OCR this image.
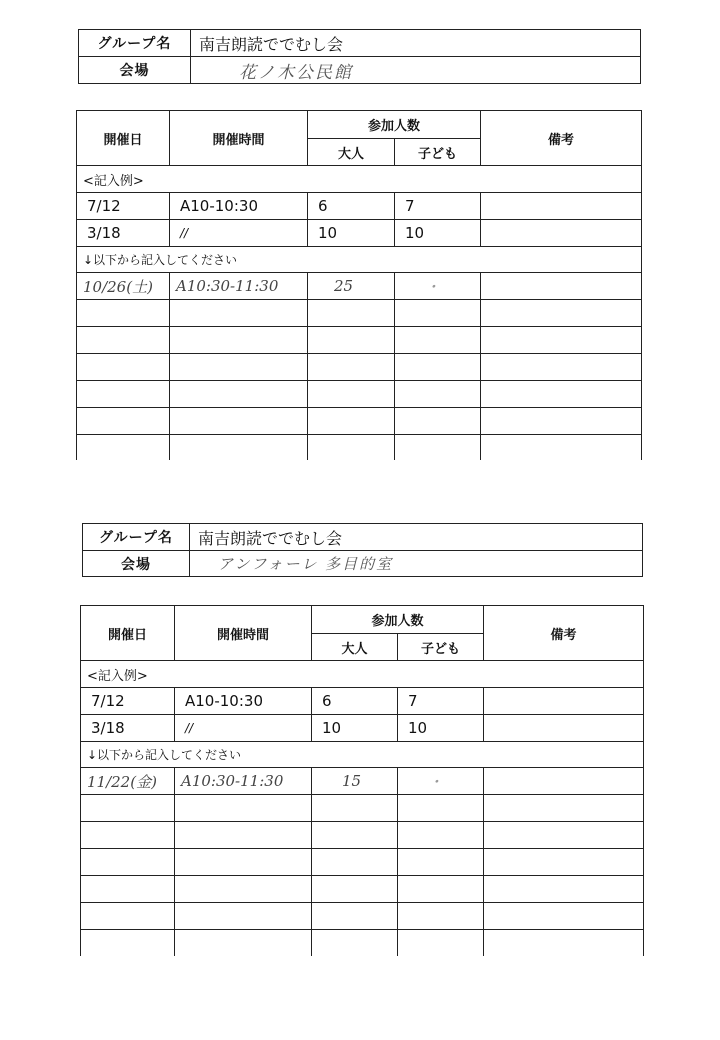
グループ名	南吉朗読ででむし会
会場	花ノ木公民館
開催日	開催時間	参加人数		備考
		大人	子ども	
<記入例>				
7/12	A10-10:30	6	7	
3/18	//	10	10	
↓以下から記入してください				
10/26(土)	A10:30-11:30	25	・	

グループ名	南吉朗読ででむし会
会場	アンフォーレ 多目的室
開催日	開催時間	参加人数		備考
		大人	子ども	
<記入例>				
7/12	A10-10:30	6	7	
3/18	//	10	10	
↓以下から記入してください				
11/22(金)	A10:30-11:30	15	・	
